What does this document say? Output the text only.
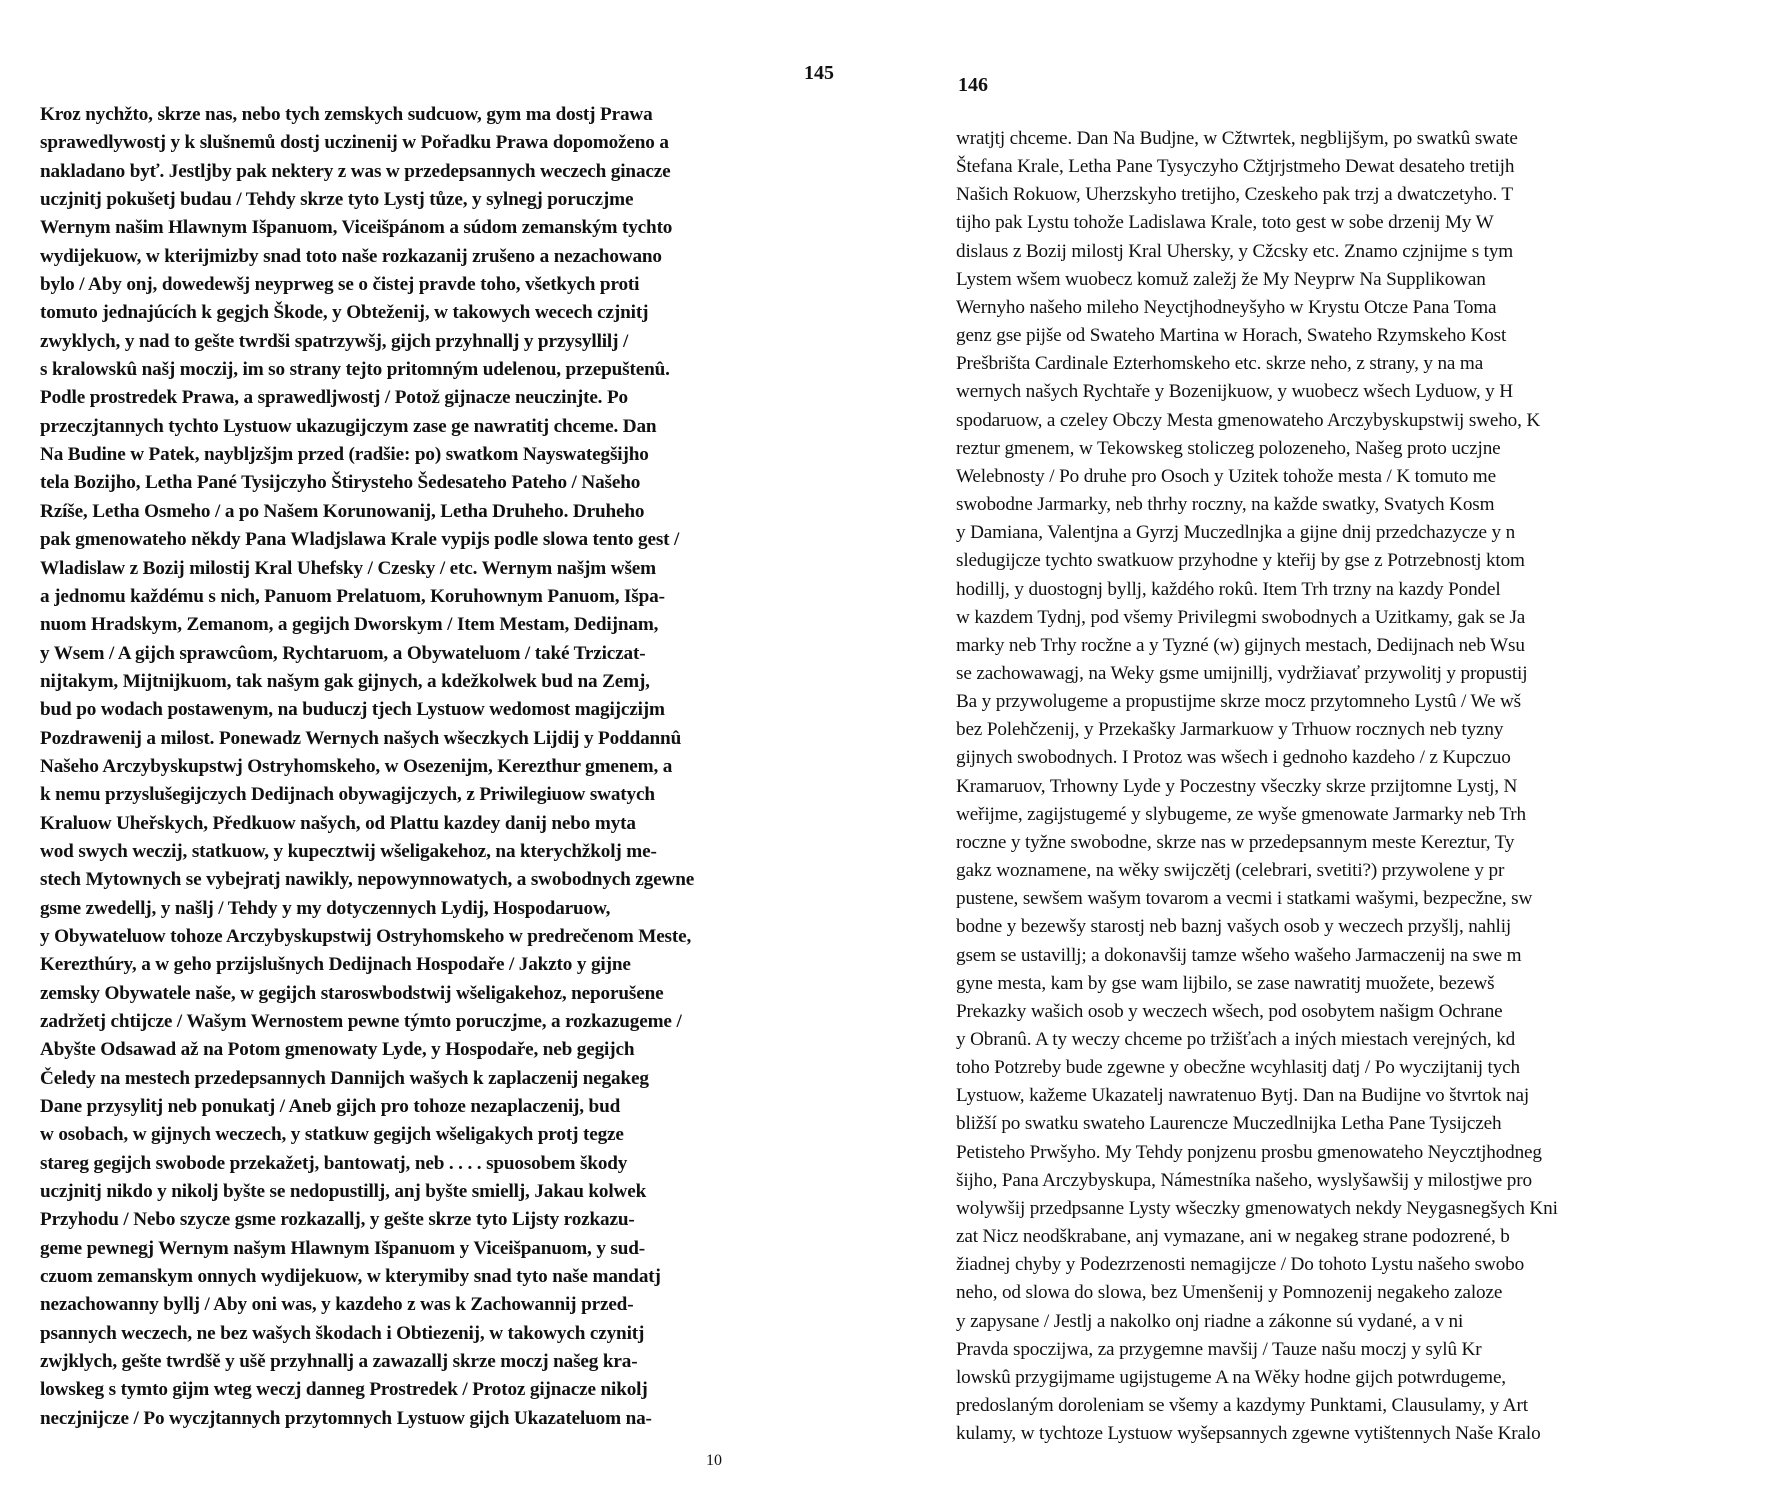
145
Kroz nychžto, skrze nas, nebo tych zemskych sudcuow, gym ma dostj Prawa
sprawedlywostj y k slušnemů dostj uczinenij w Pořadku Prawa dopomoženo a
nakladano byť. Jestljby pak nektery z was w przedepsannych weczech ginacze
uczjnitj pokušetj budau / Tehdy skrze tyto Lystj tůze, y sylnegj poruczjme
Wernym našim Hlawnym Išpanuom, Viceišpánom a súdom zemanským tychto
wydijekuow, w kterijmizby snad toto naše rozkazanij zrušeno a nezachowano
bylo / Aby onj, dowedewšj neyprweg se o čistej pravde toho, všetkych proti
tomuto jednajúcích k gegjch Škode, y Obteženij, w takowych wecech czjnitj
zwyklych, y nad to gešte twrdši spatrzywšj, gijch przyhnallj y przysyllilj /
s kralowskû našj moczij, im so strany tejto pritomným udelenou, przepuštenû.
Podle prostredek Prawa, a sprawedljwostj / Potož gijnacze neuczinjte. Po
przeczjtannych tychto Lystuow ukazugijczym zase ge nawratitj chceme. Dan
Na Budine w Patek, naybljzšjm przed (radšie: po) swatkom Nayswategšijho
tela Bozijho, Letha Pané Tysijczyho Štirysteho Šedesateho Pateho / Našeho
Rzíše, Letha Osmeho / a po Našem Korunowanij, Letha Druheho. Druheho
pak gmenowateho někdy Pana Wladjslawa Krale vypijs podle slowa tento gest /
Wladislaw z Bozij milostij Kral Uhefsky / Czesky / etc. Wernym našjm wšem
a jednomu každému s nich, Panuom Prelatuom, Koruhownym Panuom, Išpa-
nuom Hradskym, Zemanom, a gegijch Dworskym / Item Mestam, Dedijnam,
y Wsem / A gijch sprawcûom, Rychtaruom, a Obywateluom / také Trziczat-
nijtakym, Mijtnijkuom, tak našym gak gijnych, a kdežkolwek bud na Zemj,
bud po wodach postawenym, na buduczj tjech Lystuow wedomost magijczijm
Pozdrawenij a milost. Ponewadz Wernych našych wšeczkych Lijdij y Poddannû
Našeho Arczybyskupstwj Ostryhomskeho, w Osezenijm, Kerezthur gmenem, a
k nemu przyslušegijczych Dedijnach obywagijczych, z Priwilegiuow swatych
Kraluow Uheřskych, Předkuow našych, od Plattu kazdey danij nebo myta
wod swych weczij, statkuow, y kupecztwij wšeligakehoz, na kterychžkolj me-
stech Mytownych se vybejratj nawikly, nepowynnowatych, a swobodnych zgewne
gsme zwedellj, y našlj / Tehdy y my dotyczennych Lydij, Hospodaruow,
y Obywateluow tohoze Arczybyskupstwij Ostryhomskeho w predrečenom Meste,
Kerezthúry, a w geho przijslušnych Dedijnach Hospodaře / Jakzto y gijne
zemsky Obywatele naše, w gegijch staroswbodstwij wšeligakehoz, neporušene
zadržetj chtijcze / Wašym Wernostem pewne týmto poruczjme, a rozkazugeme /
Abyšte Odsawad až na Potom gmenowaty Lyde, y Hospodaře, neb gegijch
Čeledy na mestech przedepsannych Dannijch wašych k zaplaczenij negakeg
Dane przysylitj neb ponukatj / Aneb gijch pro tohoze nezaplaczenij, bud
w osobach, w gijnych weczech, y statkuw gegijch wšeligakych protj tegze
stareg gegijch swobode przekažetj, bantowatj, neb . . . . spuosobem škody
uczjnitj nikdo y nikolj byšte se nedopustillj, anj byšte smiellj, Jakau kolwek
Przyhodu / Nebo szycze gsme rozkazallj, y gešte skrze tyto Lijsty rozkazu-
geme pewnegj Wernym našym Hlawnym Išpanuom y Viceišpanuom, y sud-
czuom zemanskym onnych wydijekuow, w kterymiby snad tyto naše mandatj
nezachowanny byllj / Aby oni was, y kazdeho z was k Zachowannij przed-
psannych weczech, ne bez wašych škodach i Obtiezenij, w takowych czynitj
zwjklych, gešte twrdšě y ušě przyhnallj a zawazallj skrze moczj našeg kra-
lowskeg s tymto gijm wteg weczj danneg Prostredek / Protoz gijnacze nikolj
neczjnijcze / Po wyczjtannych przytomnych Lystuow gijch Ukazateluom na-
10
146
wratjtj chceme. Dan Na Budjne, w Cžtwrtek, negblijšym, po swatkû swate
Štefana Krale, Letha Pane Tysyczyho Cžtjrjstmeho Dewat desateho tretijh
Našich Rokuow, Uherzskyho tretijho, Czeskeho pak trzj a dwatczetyho. T
tijho pak Lystu tohože Ladislawa Krale, toto gest w sobe drzenij My W
dislaus z Bozij milostj Kral Uhersky, y Cžcsky etc. Znamo czjnijme s tym
Lystem wšem wuobecz komuž zaležj že My Neyprw Na Supplikowan
Wernyho našeho mileho Neyctjhodneyšyho w Krystu Otcze Pana Toma
genz gse pijše od Swateho Martina w Horach, Swateho Rzymskeho Kost
Prešbrišta Cardinale Ezterhomskeho etc. skrze neho, z strany, y na ma
wernych našych Rychtaře y Bozenijkuow, y wuobecz wšech Lyduow, y H
spodaruow, a czeley Obczy Mesta gmenowateho Arczybyskupstwij sweho, K
reztur gmenem, w Tekowskeg stoliczeg polozeneho, Našeg proto uczjne
Welebnosty / Po druhe pro Osoch y Uzitek tohože mesta / K tomuto me
swobodne Jarmarky, neb thrhy roczny, na každe swatky, Svatych Kosm
y Damiana, Valentjna a Gyrzj Muczedlnjka a gijne dnij przedchazycze y n
sledugijcze tychto swatkuow przyhodne y kteřij by gse z Potrzebnostj ktom
hodillj, y duostognj byllj, každého rokû. Item Trh trzny na kazdy Pondel
w kazdem Tydnj, pod všemy Privilegmi swobodnych a Uzitkamy, gak se Ja
marky neb Trhy rocžne a y Tyzné (w) gijnych mestach, Dedijnach neb Wsu
se zachowawagj, na Weky gsme umijnillj, vydržiavať przywolitj y propustij
Ba y przywolugeme a propustijme skrze mocz przytomneho Lystû / We wš
bez Polehčzenij, y Przekašky Jarmarkuow y Trhuow rocznych neb tyzny
gijnych swobodnych. I Protoz was wšech i gednoho kazdeho / z Kupczuo
Kramaruov, Trhowny Lyde y Poczestny všeczky skrze przijtomne Lystj, N
weřijme, zagijstugemé y slybugeme, ze wyše gmenowate Jarmarky neb Trh
roczne y tyžne swobodne, skrze nas w przedepsannym meste Kereztur, Ty
gakz woznamene, na wěky swijczětj (celebrari, svetiti?) przywolene y pr
pustene, sewšem wašym tovarom a vecmi i statkami wašymi, bezpecžne, sw
bodne y bezewšy starostj neb baznj vašych osob y weczech przyšlj, nahlij
gsem se ustavillj; a dokonavšij tamze wšeho wašeho Jarmaczenij na swe m
gyne mesta, kam by gse wam lijbilo, se zase nawratitj muožete, bezewš
Prekazky wašich osob y weczech wšech, pod osobytem našigm Ochrane
y Obranû. A ty weczy chceme po tržišťach a iných miestach verejných, kd
toho Potzreby bude zgewne y obecžne wcyhlasitj datj / Po wyczijtanij tych
Lystuow, kažeme Ukazatelj nawratenuo Bytj. Dan na Budijne vo štvrtok naj
bližší po swatku swateho Laurencze Muczedlnijka Letha Pane Tysijczeh
Petisteho Prwšyho. My Tehdy ponjzenu prosbu gmenowateho Neycztjhodneg
šijho, Pana Arczybyskupa, Námestníka našeho, wyslyšawšij y milostjwe pro
wolywšij przedpsanne Lysty wšeczky gmenowatych nekdy Neygasnegšych Kni
zat Nicz neodškrabane, anj vymazane, ani w negakeg strane podozrené, b
žiadnej chyby y Podezrzenosti nemagijcze / Do tohoto Lystu našeho swobo
neho, od slowa do slowa, bez Umenšenij y Pomnozenij negakeho zaloze
y zapysane / Jestlj a nakolko onj riadne a zákonne sú vydané, a v ni
Pravda spoczijwa, za przygemne mavšij / Tauze našu moczj y sylû Kr
lowskû przygijmame ugijstugeme A na Wěky hodne gijch potwrdugeme,
predoslaným doroleniam se všemy a kazdymy Punktami, Clausulamy, y Art
kulamy, w tychtoze Lystuow wyšepsannych zgewne vytištennych Naše Kralo
